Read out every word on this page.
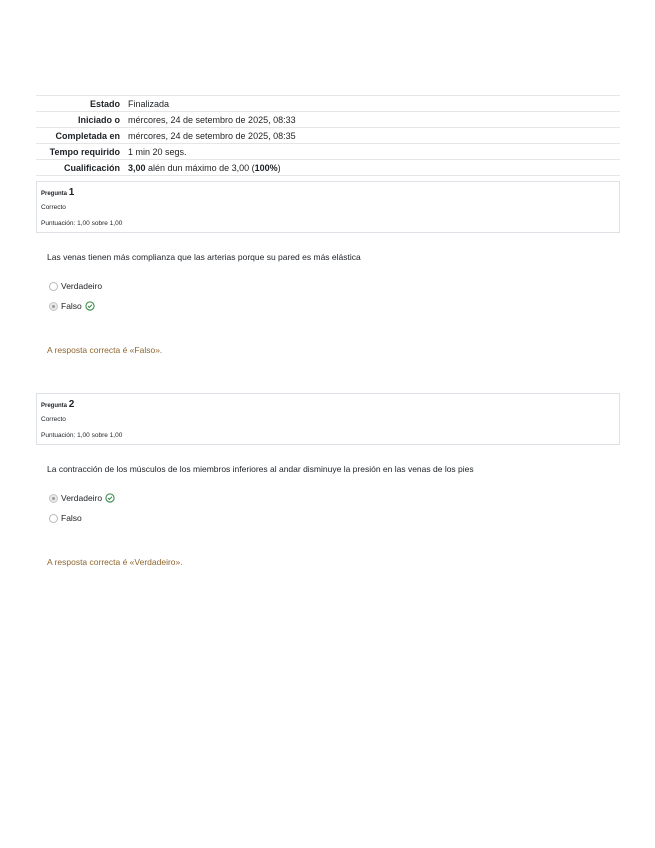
Estado	Finalizada
Iniciado o	mércores, 24 de setembro de 2025, 08:33
Completada en	mércores, 24 de setembro de 2025, 08:35
Tempo requirido	1 min 20 segs.
Cualificación	3,00 alén dun máximo de 3,00 (100%)
Pregunta 1
Correcto
Puntuación: 1,00 sobre 1,00
Las venas tienen más complianza que las arterias porque su pared es más elástica
Verdadeiro
Falso
A resposta correcta é «Falso».
Pregunta 2
Correcto
Puntuación: 1,00 sobre 1,00
La contracción de los músculos de los miembros inferiores al andar disminuye la presión en las venas de los pies
Verdadeiro
Falso
A resposta correcta é «Verdadeiro».
